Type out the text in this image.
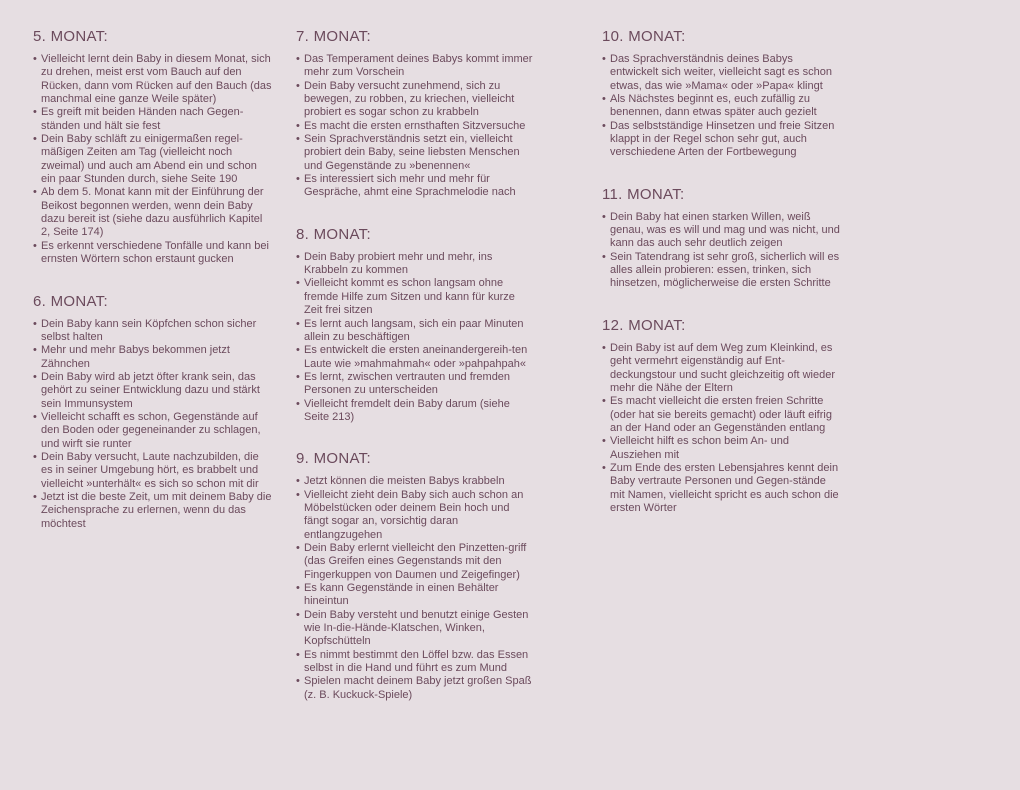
5. MONAT:
• Vielleicht lernt dein Baby in diesem Monat, sich zu drehen, meist erst vom Bauch auf den Rücken, dann vom Rücken auf den Bauch (das manchmal eine ganze Weile später)
• Es greift mit beiden Händen nach Gegen-ständen und hält sie fest
• Dein Baby schläft zu einigermaßen regel-mäßigen Zeiten am Tag (vielleicht noch zweimal) und auch am Abend ein und schon ein paar Stunden durch, siehe Seite 190
• Ab dem 5. Monat kann mit der Einführung der Beikost begonnen werden, wenn dein Baby dazu bereit ist (siehe dazu ausführlich Kapitel 2, Seite 174)
• Es erkennt verschiedene Tonfälle und kann bei ernsten Wörtern schon erstaunt gucken
6. MONAT:
• Dein Baby kann sein Köpfchen schon sicher selbst halten
• Mehr und mehr Babys bekommen jetzt Zähnchen
• Dein Baby wird ab jetzt öfter krank sein, das gehört zu seiner Entwicklung dazu und stärkt sein Immunsystem
• Vielleicht schafft es schon, Gegenstände auf den Boden oder gegeneinander zu schlagen, und wirft sie runter
• Dein Baby versucht, Laute nachzubilden, die es in seiner Umgebung hört, es brabbelt und vielleicht »unterhält« es sich so schon mit dir
• Jetzt ist die beste Zeit, um mit deinem Baby die Zeichensprache zu erlernen, wenn du das möchtest
7. MONAT:
• Das Temperament deines Babys kommt immer mehr zum Vorschein
• Dein Baby versucht zunehmend, sich zu bewegen, zu robben, zu kriechen, vielleicht probiert es sogar schon zu krabbeln
• Es macht die ersten ernsthaften Sitzversuche
• Sein Sprachverständnis setzt ein, vielleicht probiert dein Baby, seine liebsten Menschen und Gegenstände zu »benennen«
• Es interessiert sich mehr und mehr für Gespräche, ahmt eine Sprachmelodie nach
8. MONAT:
• Dein Baby probiert mehr und mehr, ins Krabbeln zu kommen
• Vielleicht kommt es schon langsam ohne fremde Hilfe zum Sitzen und kann für kurze Zeit frei sitzen
• Es lernt auch langsam, sich ein paar Minuten allein zu beschäftigen
• Es entwickelt die ersten aneinandergereih-ten Laute wie »mahmahmah« oder »pahpahpah«
• Es lernt, zwischen vertrauten und fremden Personen zu unterscheiden
• Vielleicht fremdelt dein Baby darum (siehe Seite 213)
9. MONAT:
• Jetzt können die meisten Babys krabbeln
• Vielleicht zieht dein Baby sich auch schon an Möbelstücken oder deinem Bein hoch und fängt sogar an, vorsichtig daran entlangzugehen
• Dein Baby erlernt vielleicht den Pinzetten-griff (das Greifen eines Gegenstands mit den Fingerkuppen von Daumen und Zeigefinger)
• Es kann Gegenstände in einen Behälter hineintun
• Dein Baby versteht und benutzt einige Gesten wie In-die-Hände-Klatschen, Winken, Kopfschütteln
• Es nimmt bestimmt den Löffel bzw. das Essen selbst in die Hand und führt es zum Mund
• Spielen macht deinem Baby jetzt großen Spaß (z. B. Kuckuck-Spiele)
10. MONAT:
• Das Sprachverständnis deines Babys entwickelt sich weiter, vielleicht sagt es schon etwas, das wie »Mama« oder »Papa« klingt
• Als Nächstes beginnt es, euch zufällig zu benennen, dann etwas später auch gezielt
• Das selbstständige Hinsetzen und freie Sitzen klappt in der Regel schon sehr gut, auch verschiedene Arten der Fortbewegung
11. MONAT:
• Dein Baby hat einen starken Willen, weiß genau, was es will und mag und was nicht, und kann das auch sehr deutlich zeigen
• Sein Tatendrang ist sehr groß, sicherlich will es alles allein probieren: essen, trinken, sich hinsetzen, möglicherweise die ersten Schritte
12. MONAT:
• Dein Baby ist auf dem Weg zum Kleinkind, es geht vermehrt eigenständig auf Ent-deckungstour und sucht gleichzeitig oft wieder mehr die Nähe der Eltern
• Es macht vielleicht die ersten freien Schritte (oder hat sie bereits gemacht) oder läuft eifrig an der Hand oder an Gegenständen entlang
• Vielleicht hilft es schon beim An- und Ausziehen mit
• Zum Ende des ersten Lebensjahres kennt dein Baby vertraute Personen und Gegen-stände mit Namen, vielleicht spricht es auch schon die ersten Wörter
